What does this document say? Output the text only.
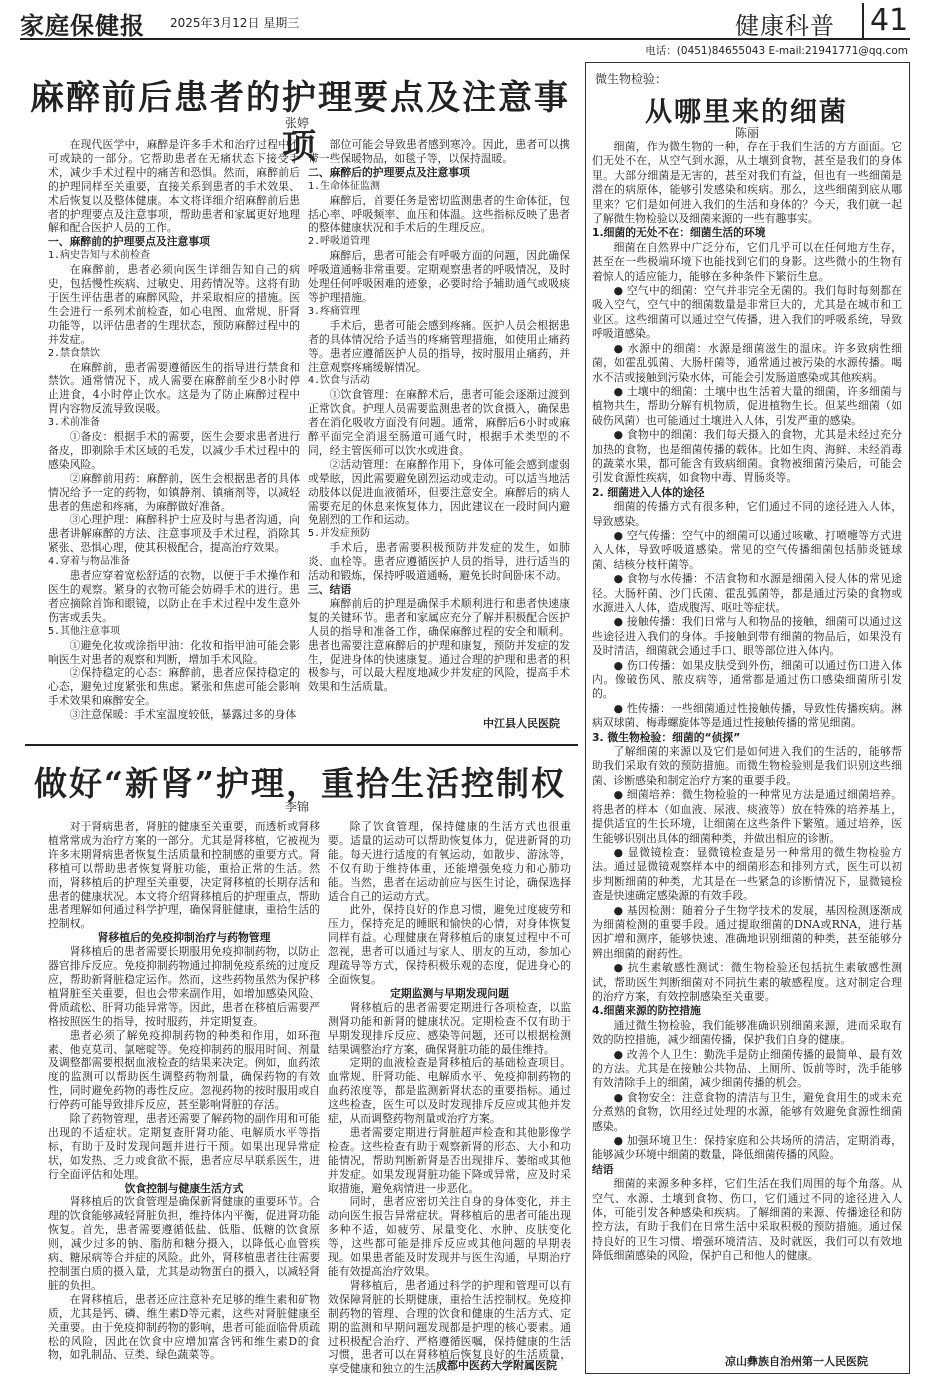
家庭保健报 2025年3月12日 星期三	健康科普 41
电话：(0451)84655043 E-mail:21941771@qq.com
麻醉前后患者的护理要点及注意事项
张婷

在现代医学中，麻醉是许多手术和治疗过程中不可或缺的一部分。它帮助患者在无痛状态下接受手术，减少手术过程中的痛苦和恐惧。然而，麻醉前后的护理同样至关重要，直接关系到患者的手术效果、术后恢复以及整体健康。本文将详细介绍麻醉前后患者的护理要点及注意事项，帮助患者和家属更好地理解和配合医护人员的工作。

一、麻醉前的护理要点及注意事项

1.病史告知与术前检查

在麻醉前，患者必须向医生详细告知自己的病史，包括慢性疾病、过敏史、用药情况等。这将有助于医生评估患者的麻醉风险，并采取相应的措施。医生会进行一系列术前检查，如心电图、血常规、肝肾功能等，以评估患者的生理状态，预防麻醉过程中的并发症。

2.禁食禁饮

在麻醉前，患者需要遵循医生的指导进行禁食和禁饮。通常情况下，成人需要在麻醉前至少8小时停止进食，4小时停止饮水。这是为了防止麻醉过程中胃内容物反流导致误吸。

3.术前准备

①备皮：根据手术的需要，医生会要求患者进行备皮，即剃除手术区域的毛发，以减少手术过程中的感染风险。

②麻醉前用药：麻醉前，医生会根据患者的具体情况给予一定的药物，如镇静剂、镇痛剂等，以减轻患者的焦虑和疼痛，为麻醉做好准备。

③心理护理：麻醉科护士应及时与患者沟通，向患者讲解麻醉的方法、注意事项及手术过程，消除其紧张、恐惧心理，使其积极配合，提高治疗效果。

4.穿着与物品准备

患者应穿着宽松舒适的衣物，以便于手术操作和医生的观察。紧身的衣物可能会妨碍手术的进行。患者应摘除首饰和眼镜，以防止在手术过程中发生意外伤害或丢失。

5.其他注意事项

①避免化妆或涂指甲油：化妆和指甲油可能会影响医生对患者的观察和判断，增加手术风险。

②保持稳定的心态：麻醉前，患者应保持稳定的心态，避免过度紧张和焦虑。紧张和焦虑可能会影响手术效果和麻醉安全。

③注意保暖：手术室温度较低，暴露过多的身体

部位可能会导致患者感到寒冷。因此，患者可以携带一些保暖物品，如毯子等，以保持温暖。

二、麻醉后的护理要点及注意事项

1.生命体征监测

麻醉后，首要任务是密切监测患者的生命体征，包括心率、呼吸频率、血压和体温。这些指标反映了患者的整体健康状况和手术后的生理反应。

2.呼吸道管理

麻醉后，患者可能会有呼吸方面的问题，因此确保呼吸道通畅非常重要。定期观察患者的呼吸情况，及时处理任何呼吸困难的迹象，必要时给予辅助通气或吸痰等护理措施。

3.疼痛管理

手术后，患者可能会感到疼痛。医护人员会根据患者的具体情况给予适当的疼痛管理措施，如使用止痛药等。患者应遵循医护人员的指导，按时服用止痛药，并注意观察疼痛缓解情况。

4.饮食与活动

①饮食管理：在麻醉术后，患者可能会逐渐过渡到正常饮食。护理人员需要监测患者的饮食摄入，确保患者在消化吸收方面没有问题。通常，麻醉后6小时或麻醉平面完全消退至肠道可通气时，根据手术类型的不同，经主管医师可以饮水或进食。

②活动管理：在麻醉作用下，身体可能会感到虚弱或晕眩，因此需要避免剧烈运动或走动。可以适当地活动肢体以促进血液循环，但要注意安全。麻醉后的病人需要充足的休息来恢复体力，因此建议在一段时间内避免剧烈的工作和运动。

5.并发症预防

手术后，患者需要积极预防并发症的发生，如肺炎、血栓等。患者应遵循医护人员的指导，进行适当的活动和锻炼，保持呼吸道通畅，避免长时间卧床不动。

三、结语

麻醉前后的护理是确保手术顺利进行和患者快速康复的关键环节。患者和家属应充分了解并积极配合医护人员的指导和准备工作，确保麻醉过程的安全和顺利。患者也需要注意麻醉后的护理和康复，预防并发症的发生，促进身体的快速康复。通过合理的护理和患者的积极参与，可以最大程度地减少并发症的风险，提高手术效果和生活质量。

中江县人民医院
做好“新肾”护理，重拾生活控制权
李锦

对于肾病患者，肾脏的健康至关重要，而透析或肾移植常常成为治疗方案的一部分。尤其是肾移植，它被视为许多末期肾病患者恢复生活质量和控制感的重要方式。肾移植可以帮助患者恢复肾脏功能，重拾正常的生活。然而，肾移植后的护理至关重要，决定肾移植的长期存活和患者的健康状况。本文将介绍肾移植后的护理重点，帮助患者理解如何通过科学护理，确保肾脏健康，重拾生活的控制权。

肾移植后的免疫抑制治疗与药物管理

肾移植后的患者需要长期服用免疫抑制药物，以防止器官排斥反应。免疫抑制药物通过抑制免疫系统的过度反应，帮助新肾脏稳定运作。然而，这些药物虽然为保护移植肾脏至关重要，但也会带来副作用，如增加感染风险、骨质疏松、肝肾功能异常等。因此，患者在移植后需要严格按照医生的指导，按时服药，并定期复查。

患者必须了解免疫抑制药物的种类和作用，如环孢素、他克莫司、氯嘧啶等。免疫抑制药的服用时间、剂量及调整都需要根据血液检查的结果来决定。例如，血药浓度的监测可以帮助医生调整药物剂量，确保药物的有效性，同时避免药物的毒性反应。忽视药物的按时服用或自行停药可能导致排斥反应，甚至影响肾脏的存活。

除了药物管理，患者还需要了解药物的副作用和可能出现的不适症状。定期复查肝肾功能、电解质水平等指标，有助于及时发现问题并进行干预。如果出现异常症状，如发热、乏力或食欲不振，患者应尽早联系医生，进行全面评估和处理。

饮食控制与健康生活方式

肾移植后的饮食管理是确保新肾健康的重要环节。合理的饮食能够减轻肾脏负担，维持体内平衡，促进肾功能恢复。首先，患者需要遵循低盐、低脂、低糖的饮食原则，减少过多的钠、脂肪和糖分摄入，以降低心血管疾病、糖尿病等合并症的风险。此外，肾移植患者往往需要控制蛋白质的摄入量，尤其是动物蛋白的摄入，以减轻肾脏的负担。

在肾移植后，患者还应注意补充足够的维生素和矿物质，尤其是钙、磷、维生素D等元素，这些对肾脏健康至关重要。由于免疫抑制药物的影响，患者可能面临骨质疏松的风险，因此在饮食中应增加富含钙和维生素D的食物，如乳制品、豆类、绿色蔬菜等。

除了饮食管理，保持健康的生活方式也很重要。适量的运动可以帮助恢复体力，促进新肾的功能。每天进行适度的有氧运动，如散步、游泳等，不仅有助于维持体重，还能增强免疫力和心肺功能。当然，患者在运动前应与医生讨论，确保选择适合自己的运动方式。

此外，保持良好的作息习惯，避免过度疲劳和压力，保持充足的睡眠和愉快的心情，对身体恢复同样有益。心理健康在肾移植后的康复过程中不可忽视，患者可以通过与家人、朋友的互动，参加心理疏导等方式，保持积极乐观的态度，促进身心的全面恢复。

定期监测与早期发现问题

肾移植后的患者需要定期进行各项检查，以监测肾功能和新肾的健康状况。定期检查不仅有助于早期发现排斥反应、感染等问题，还可以根据检测结果调整治疗方案，确保肾脏功能的最佳维持。

定期的血液检查是肾移植后的基础检查项目。血常规、肝肾功能、电解质水平、免疫抑制药物的血药浓度等，都是监测新肾状态的重要指标。通过这些检查，医生可以及时发现排斥反应或其他并发症，从而调整药物剂量或治疗方案。

患者需要定期进行肾脏超声检查和其他影像学检查。这些检查有助于观察新肾的形态、大小和功能情况，帮助判断新肾是否出现排斥、萎缩或其他并发症。如果发现肾脏功能下降或异常，应及时采取措施，避免病情进一步恶化。

同时，患者应密切关注自身的身体变化，并主动向医生报告异常症状。肾移植后的患者可能出现多种不适，如疲劳、尿量变化、水肿、皮肤变化等，这些都可能是排斥反应或其他问题的早期表现。如果患者能及时发现并与医生沟通，早期治疗能有效提高治疗效果。

肾移植后，患者通过科学的护理和管理可以有效保障肾脏的长期健康，重拾生活控制权。免疫抑制药物的管理、合理的饮食和健康的生活方式、定期的监测和早期问题发现都是护理的核心要素。通过积极配合治疗、严格遵循医嘱，保持健康的生活习惯，患者可以在肾移植后恢复良好的生活质量，享受健康和独立的生活。

成都中医药大学附属医院
微生物检验：
从哪里来的细菌
陈丽

细菌，作为微生物的一种，存在于我们生活的方方面面。它们无处不在，从空气到水源，从土壤到食物，甚至是我们的身体里。大部分细菌是无害的，甚至对我们有益，但也有一些细菌是潜在的病原体，能够引发感染和疾病。那么，这些细菌到底从哪里来？它们是如何进入我们的生活和身体的？今天，我们就一起了解微生物检验以及细菌来源的一些有趣事实。

1.细菌的无处不在：细菌生活的环境

细菌在自然界中广泛分布，它们几乎可以在任何地方生存，甚至在一些极端环境下也能找到它们的身影。这些微小的生物有着惊人的适应能力，能够在多种条件下繁衍生息。

● 空气中的细菌：空气并非完全无菌的。我们每时每刻都在吸入空气，空气中的细菌数量是非常巨大的，尤其是在城市和工业区。这些细菌可以通过空气传播，进入我们的呼吸系统，导致呼吸道感染。

● 水源中的细菌：水源是细菌滋生的温床。许多致病性细菌，如霍乱弧菌、大肠杆菌等，通常通过被污染的水源传播。喝水不洁或接触到污染水体，可能会引发肠道感染或其他疾病。

● 土壤中的细菌：土壤中也生活着大量的细菌，许多细菌与植物共生，帮助分解有机物质，促进植物生长。但某些细菌（如破伤风菌）也可能通过土壤进入人体，引发严重的感染。

● 食物中的细菌：我们每天摄入的食物，尤其是未经过充分加热的食物，也是细菌传播的载体。比如生肉、海鲜、未经消毒的蔬菜水果，都可能含有致病细菌。食物被细菌污染后，可能会引发食源性疾病，如食物中毒、胃肠炎等。

2. 细菌进入人体的途径

细菌的传播方式有很多种，它们通过不同的途径进入人体，导致感染。

● 空气传播：空气中的细菌可以通过咳嗽、打喷嚏等方式进入人体，导致呼吸道感染。常见的空气传播细菌包括肺炎链球菌、结核分枝杆菌等。

● 食物与水传播：不洁食物和水源是细菌入侵人体的常见途径。大肠杆菌、沙门氏菌、霍乱弧菌等，都是通过污染的食物或水源进入人体，造成腹泻、呕吐等症状。

● 接触传播：我们日常与人和物品的接触，细菌可以通过这些途径进入我们的身体。手接触到带有细菌的物品后，如果没有及时清洁，细菌就会通过手口、眼等部位进入体内。

● 伤口传播：如果皮肤受到外伤，细菌可以通过伤口进入体内。像破伤风、脓皮病等，通常都是通过伤口感染细菌所引发的。

● 性传播：一些细菌通过性接触传播，导致性传播疾病。淋病双球菌、梅毒螺旋体等是通过性接触传播的常见细菌。

3. 微生物检验：细菌的“侦探”

了解细菌的来源以及它们是如何进入我们的生活的，能够帮助我们采取有效的预防措施。而微生物检验则是我们识别这些细菌、诊断感染和制定治疗方案的重要手段。

● 细菌培养：微生物检验的一种常见方法是通过细菌培养。将患者的样本（如血液、尿液、痰液等）放在特殊的培养基上，提供适宜的生长环境，让细菌在这些条件下繁殖。通过培养，医生能够识别出具体的细菌种类，并做出相应的诊断。

● 显微镜检查：显微镜检查是另一种常用的微生物检验方法。通过显微镜观察样本中的细菌形态和排列方式，医生可以初步判断细菌的种类，尤其是在一些紧急的诊断情况下，显微镜检查是快速确定感染源的有效手段。

● 基因检测：随着分子生物学技术的发展，基因检测逐渐成为细菌检测的重要手段。通过提取细菌的DNA或RNA，进行基因扩增和测序，能够快速、准确地识别细菌的种类，甚至能够分辨出细菌的耐药性。

● 抗生素敏感性测试：微生物检验还包括抗生素敏感性测试，帮助医生判断细菌对不同抗生素的敏感程度。这对制定合理的治疗方案，有效控制感染至关重要。

4.细菌来源的防控措施

通过微生物检验，我们能够准确识别细菌来源，进而采取有效的防控措施，减少细菌传播，保护我们自身的健康。

● 改善个人卫生：勤洗手是防止细菌传播的最简单、最有效的方法。尤其是在接触公共物品、上厕所、饭前等时，洗手能够有效清除手上的细菌，减少细菌传播的机会。

● 食物安全：注意食物的清洁与卫生，避免食用生的或未充分煮熟的食物，饮用经过处理的水源，能够有效避免食源性细菌感染。

● 加强环境卫生：保持家庭和公共场所的清洁，定期消毒，能够减少环境中细菌的数量，降低细菌传播的风险。

结语

细菌的来源多种多样，它们生活在我们周围的每个角落。从空气、水源、土壤到食物、伤口，它们通过不同的途径进入人体，可能引发各种感染和疾病。了解细菌的来源、传播途径和防控方法，有助于我们在日常生活中采取积极的预防措施。通过保持良好的卫生习惯、增强环境清洁、及时就医，我们可以有效地降低细菌感染的风险，保护自己和他人的健康。

凉山彝族自治州第一人民医院
